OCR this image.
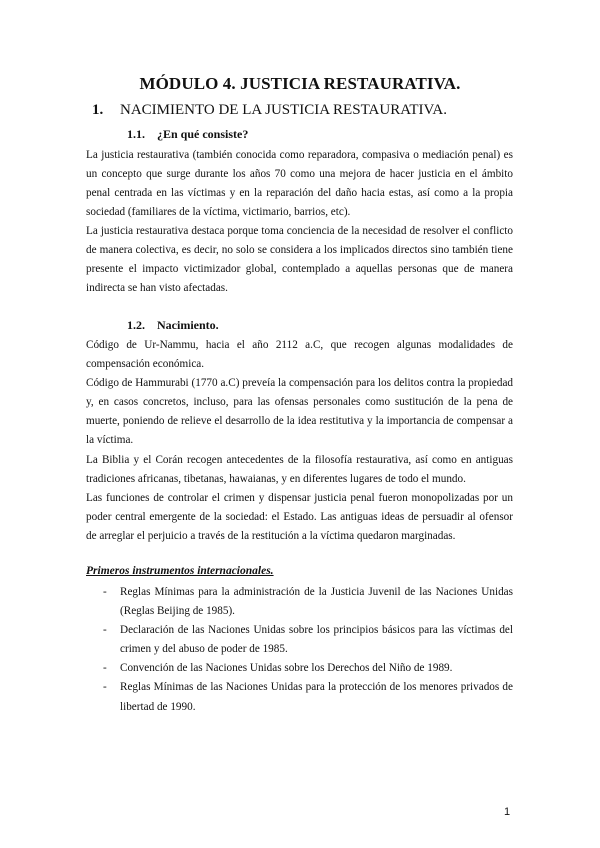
MÓDULO 4. JUSTICIA RESTAURATIVA.
1. NACIMIENTO DE LA JUSTICIA RESTAURATIVA.
1.1. ¿En qué consiste?

La justicia restaurativa (también conocida como reparadora, compasiva o mediación penal) es un concepto que surge durante los años 70 como una mejora de hacer justicia en el ámbito penal centrada en las víctimas y en la reparación del daño hacia estas, así como a la propia sociedad (familiares de la víctima, victimario, barrios, etc).

La justicia restaurativa destaca porque toma conciencia de la necesidad de resolver el conflicto de manera colectiva, es decir, no solo se considera a los implicados directos sino también tiene presente el impacto victimizador global, contemplado a aquellas personas que de manera indirecta se han visto afectadas.

1.2. Nacimiento.

Código de Ur-Nammu, hacia el año 2112 a.C, que recogen algunas modalidades de compensación económica.

Código de Hammurabi (1770 a.C) preveía la compensación para los delitos contra la propiedad y, en casos concretos, incluso, para las ofensas personales como sustitución de la pena de muerte, poniendo de relieve el desarrollo de la idea restitutiva y la importancia de compensar a la víctima.

La Biblia y el Corán recogen antecedentes de la filosofía restaurativa, así como en antiguas tradiciones africanas, tibetanas, hawaianas, y en diferentes lugares de todo el mundo.

Las funciones de controlar el crimen y dispensar justicia penal fueron monopolizadas por un poder central emergente de la sociedad: el Estado. Las antiguas ideas de persuadir al ofensor de arreglar el perjuicio a través de la restitución a la víctima quedaron marginadas.

Primeros instrumentos internacionales.
- Reglas Mínimas para la administración de la Justicia Juvenil de las Naciones Unidas (Reglas Beijing de 1985).
- Declaración de las Naciones Unidas sobre los principios básicos para las víctimas del crimen y del abuso de poder de 1985.
- Convención de las Naciones Unidas sobre los Derechos del Niño de 1989.
- Reglas Mínimas de las Naciones Unidas para la protección de los menores privados de libertad de 1990.
1
